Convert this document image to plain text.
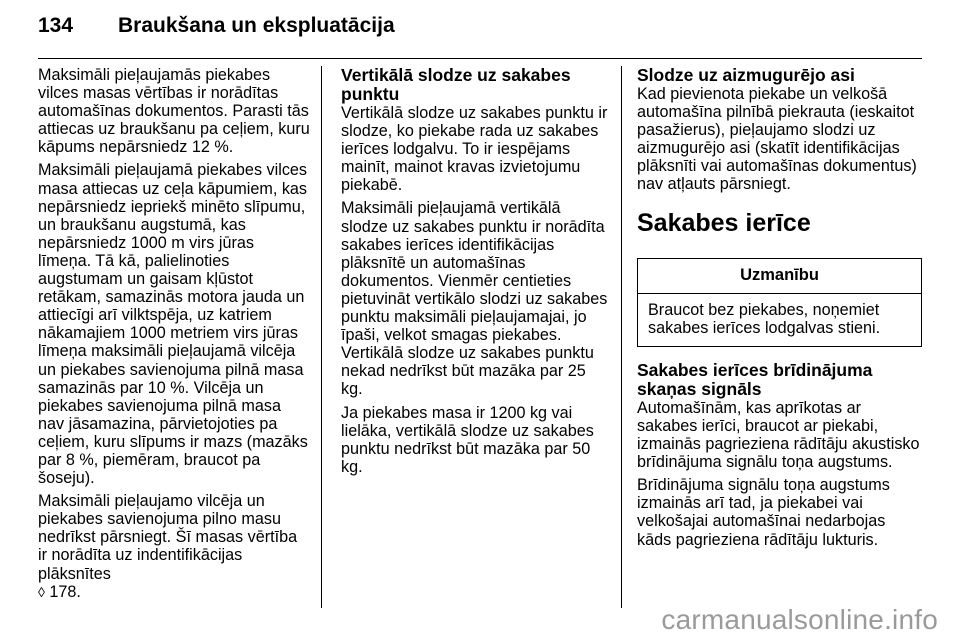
134	Braukšana un ekspluatācija

Maksimāli pieļaujamās piekabes vilces masas vērtības ir norādītas automašīnas dokumentos. Parasti tās attiecas uz braukšanu pa ceļiem, kuru kāpums nepārsniedz 12 %.

Maksimāli pieļaujamā piekabes vilces masa attiecas uz ceļa kāpumiem, kas nepārsniedz iepriekš minēto slīpumu, un braukšanu augstumā, kas nepārsniedz 1000 m virs jūras līmeņa. Tā kā, palielinoties augstumam un gaisam kļūstot retākam, samazinās motora jauda un attiecīgi arī vilktspēja, uz katriem nākamajiem 1000 metriem virs jūras līmeņa maksimāli pieļaujamā vilcēja un piekabes savienojuma pilnā masa samazinās par 10 %. Vilcēja un piekabes savienojuma pilnā masa nav jāsamazina, pārvietojoties pa ceļiem, kuru slīpums ir mazs (mazāks par 8 %, piemēram, braucot pa šoseju).

Maksimāli pieļaujamo vilcēja un piekabes savienojuma pilno masu nedrīkst pārsniegt. Šī masas vērtība ir norādīta uz indentifikācijas plāksnītes
◊ 178.

Vertikālā slodze uz sakabes punktu

Vertikālā slodze uz sakabes punktu ir slodze, ko piekabe rada uz sakabes ierīces lodgalvu. To ir iespējams mainīt, mainot kravas izvietojumu piekabē.

Maksimāli pieļaujamā vertikālā slodze uz sakabes punktu ir norādīta sakabes ierīces identifikācijas plāksnītē un automašīnas dokumentos. Vienmēr centieties pietuvināt vertikālo slodzi uz sakabes punktu maksimāli pieļaujamajai, jo īpaši, velkot smagas piekabes. Vertikālā slodze uz sakabes punktu nekad nedrīkst būt mazāka par 25 kg.

Ja piekabes masa ir 1200 kg vai lielāka, vertikālā slodze uz sakabes punktu nedrīkst būt mazāka par 50 kg.

Slodze uz aizmugurējo asi

Kad pievienota piekabe un velkošā automašīna pilnībā piekrauta (ieskaitot pasažierus), pieļaujamo slodzi uz aizmugurējo asi (skatīt identifikācijas plāksnīti vai automašīnas dokumentus) nav atļauts pārsniegt.

Sakabes ierīce
Uzmanību
Braucot bez piekabes, noņemiet sakabes ierīces lodgalvas stieni.
Sakabes ierīces brīdinājuma skaņas signāls

Automašīnām, kas aprīkotas ar sakabes ierīci, braucot ar piekabi, izmainās pagrieziena rādītāju akustisko brīdinājuma signālu toņa augstums.

Brīdinājuma signālu toņa augstums izmainās arī tad, ja piekabei vai velkošajai automašīnai nedarbojas kāds pagrieziena rādītāju lukturis.

carmanualsonline.info
